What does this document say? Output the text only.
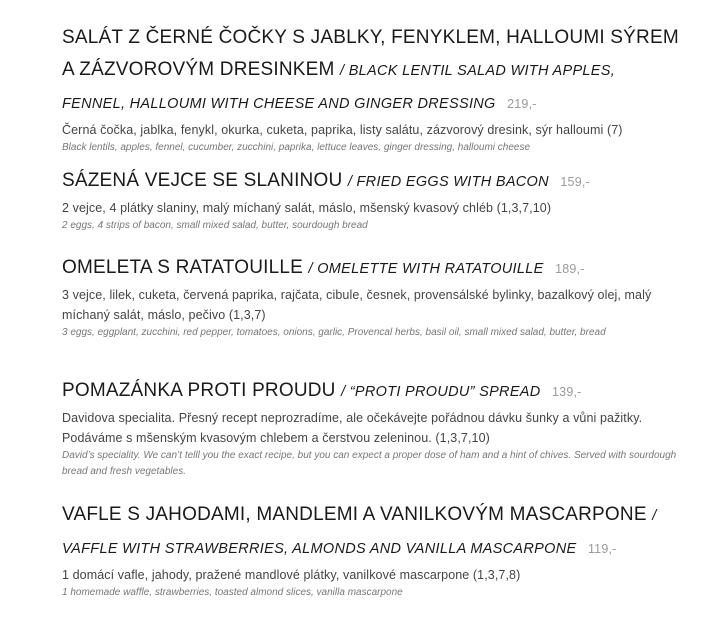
SALÁT Z ČERNÉ ČOČKY S JABLKY, FENYKLEM, HALLOUMI SÝREM A ZÁZVOROVÝM DRESINKEM / BLACK LENTIL SALAD WITH APPLES, FENNEL, HALLOUMI WITH CHEESE AND GINGER DRESSING 219,-

Černá čočka, jablka, fenykl, okurka, cuketa, paprika, listy salátu, zázvorový dresink, sýr halloumi (7)

Black lentils, apples, fennel, cucumber, zucchini, paprika, lettuce leaves, ginger dressing, halloumi cheese

SÁZENÁ VEJCE SE SLANINOU / FRIED EGGS WITH BACON 159,-

2 vejce, 4 plátky slaniny, malý míchaný salát, máslo, mšenský kvasový chléb (1,3,7,10)

2 eggs, 4 strips of bacon, small mixed salad, butter, sourdough bread

OMELETA S RATATOUILLE / OMELETTE WITH RATATOUILLE 189,-

3 vejce, lilek, cuketa, červená paprika, rajčata, cibule, česnek, provensálské bylinky, bazalkový olej, malý míchaný salát, máslo, pečivo (1,3,7)

3 eggs, eggplant, zucchini, red pepper, tomatoes, onions, garlic, Provencal herbs, basil oil, small mixed salad, butter, bread

POMAZÁNKA PROTI PROUDU / “PROTI PROUDU” SPREAD 139,-

Davidova specialita. Přesný recept neprozradíme, ale očekávejte pořádnou dávku šunky a vůni pažitky. Podáváme s mšenským kvasovým chlebem a čerstvou zeleninou. (1,3,7,10)

David’s speciality. We can’t telll you the exact recipe, but you can expect a proper dose of ham and a hint of chives. Served with sourdough bread and fresh vegetables.

VAFLE S JAHODAMI, MANDLEMI A VANILKOVÝM MASCARPONE / VAFFLE WITH STRAWBERRIES, ALMONDS AND VANILLA MASCARPONE 119,-

1 domácí vafle, jahody, pražené mandlové plátky, vanilkové mascarpone (1,3,7,8)

1 homemade waffle, strawberries, toasted almond slices, vanilla mascarpone
